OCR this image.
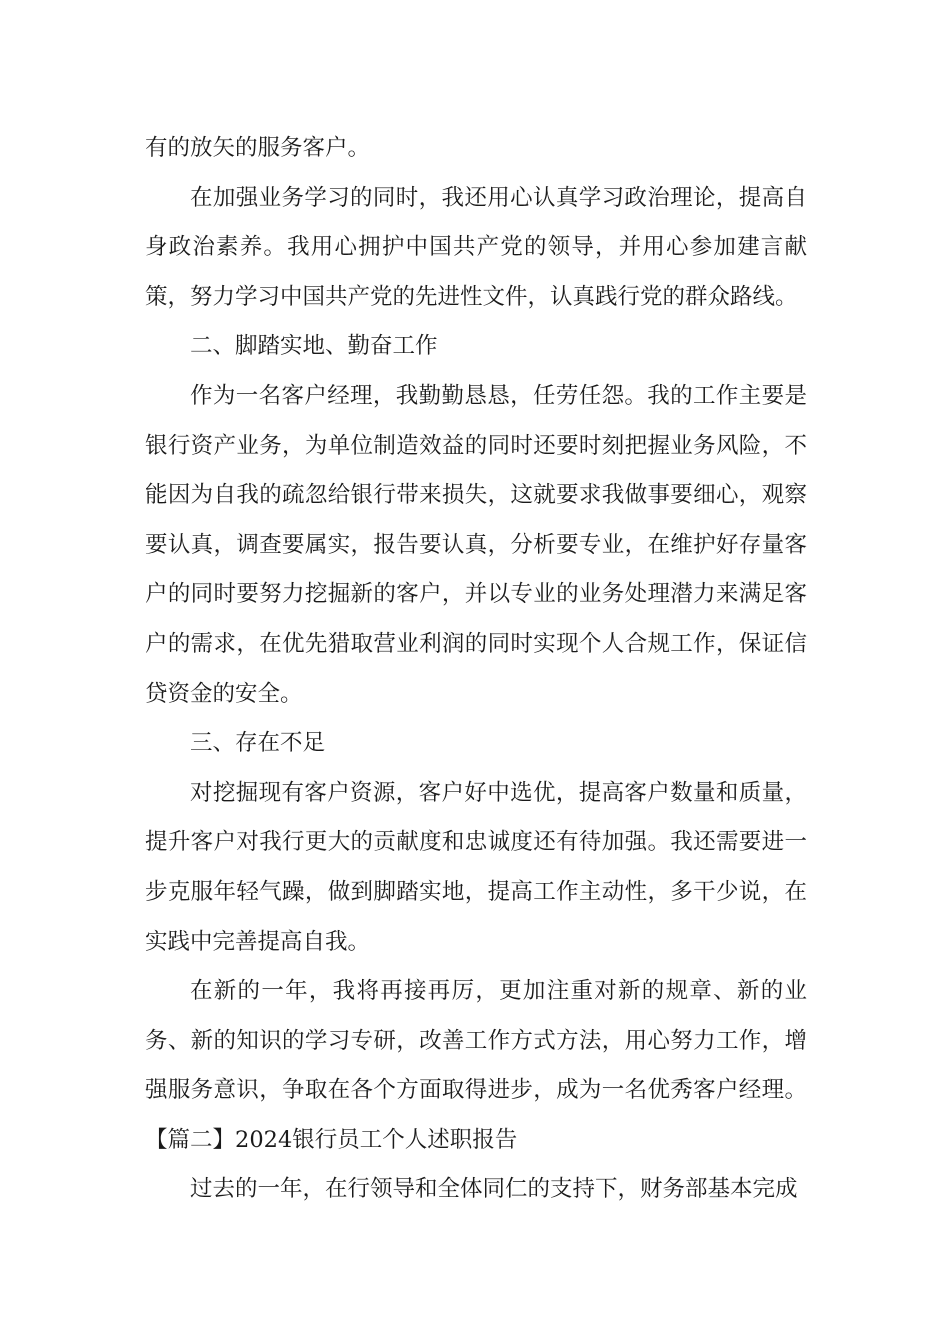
有的放矢的服务客户。

在加强业务学习的同时，我还用心认真学习政治理论，提高自身政治素养。我用心拥护中国共产党的领导，并用心参加建言献策，努力学习中国共产党的先进性文件，认真践行党的群众路线。

二、脚踏实地、勤奋工作

作为一名客户经理，我勤勤恳恳，任劳任怨。我的工作主要是银行资产业务，为单位制造效益的同时还要时刻把握业务风险，不能因为自我的疏忽给银行带来损失，这就要求我做事要细心，观察要认真，调查要属实，报告要认真，分析要专业，在维护好存量客户的同时要努力挖掘新的客户，并以专业的业务处理潜力来满足客户的需求，在优先猎取营业利润的同时实现个人合规工作，保证信贷资金的安全。

三、存在不足

对挖掘现有客户资源，客户好中选优，提高客户数量和质量，提升客户对我行更大的贡献度和忠诚度还有待加强。我还需要进一步克服年轻气躁，做到脚踏实地，提高工作主动性，多干少说，在实践中完善提高自我。

在新的一年，我将再接再厉，更加注重对新的规章、新的业务、新的知识的学习专研，改善工作方式方法，用心努力工作，增强服务意识，争取在各个方面取得进步，成为一名优秀客户经理。【篇二】2024银行员工个人述职报告

过去的一年，在行领导和全体同仁的支持下，财务部基本完成
